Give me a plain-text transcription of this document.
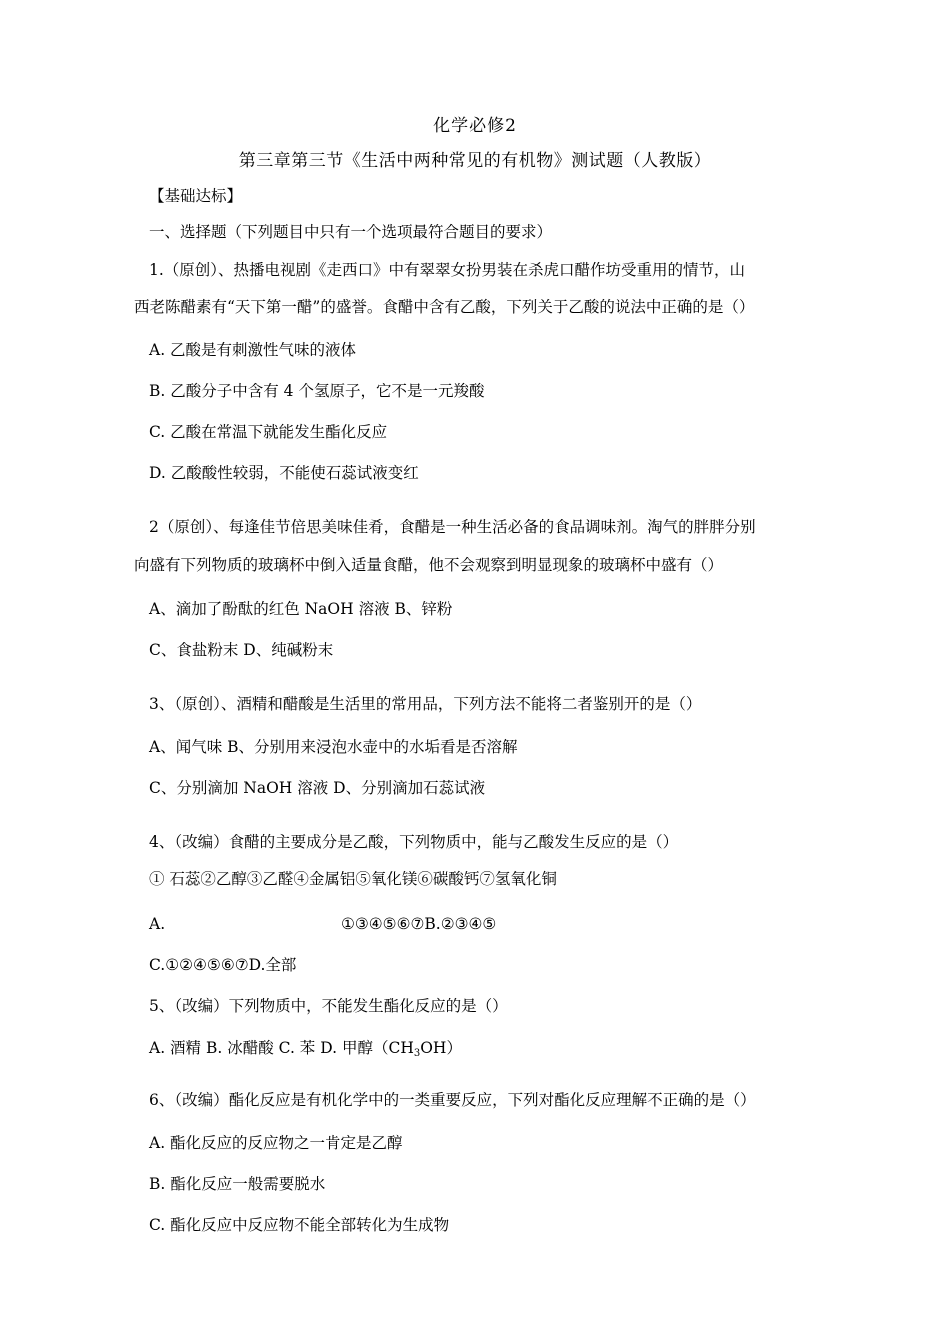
化学必修2
第三章第三节《生活中两种常见的有机物》测试题（人教版）
【基础达标】
一、选择题（下列题目中只有一个选项最符合题目的要求）
1.（原创）、热播电视剧《走西口》中有翠翠女扮男装在杀虎口醋作坊受重用的情节，山
西老陈醋素有“天下第一醋”的盛誉。食醋中含有乙酸，下列关于乙酸的说法中正确的是（）
A. 乙酸是有刺激性气味的液体
B. 乙酸分子中含有 4 个氢原子，它不是一元羧酸
C. 乙酸在常温下就能发生酯化反应
D. 乙酸酸性较弱，不能使石蕊试液变红
2（原创）、每逢佳节倍思美味佳肴，食醋是一种生活必备的食品调味剂。淘气的胖胖分别
向盛有下列物质的玻璃杯中倒入适量食醋，他不会观察到明显现象的玻璃杯中盛有（）
A、滴加了酚酞的红色 NaOH 溶液 B、锌粉
C、食盐粉末 D、纯碱粉末
3、（原创）、酒精和醋酸是生活里的常用品，下列方法不能将二者鉴别开的是（）
A、闻气味 B、分别用来浸泡水壶中的水垢看是否溶解
C、分别滴加 NaOH 溶液 D、分别滴加石蕊试液
4、（改编）食醋的主要成分是乙酸，下列物质中，能与乙酸发生反应的是（）
① 石蕊②乙醇③乙醛④金属铝⑤氧化镁⑥碳酸钙⑦氢氧化铜
A.	①③④⑤⑥⑦B.②③④⑤
C.①②④⑤⑥⑦D.全部
5、（改编）下列物质中，不能发生酯化反应的是（）
A. 酒精 B. 冰醋酸 C. 苯 D. 甲醇$(CH_3OH)$
6、（改编）酯化反应是有机化学中的一类重要反应，下列对酯化反应理解不正确的是（）
A. 酯化反应的反应物之一肯定是乙醇
B. 酯化反应一般需要脱水
C. 酯化反应中反应物不能全部转化为生成物
